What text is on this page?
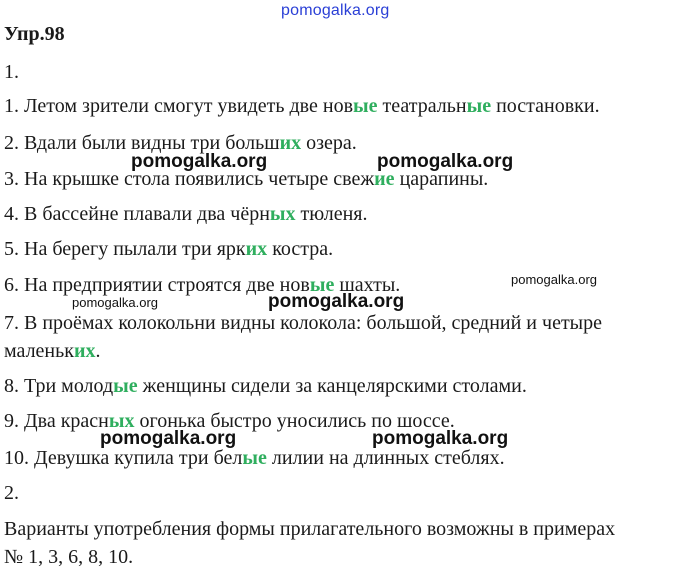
pomogalka.org
pomogalka.org	pomogalka.org
pomogalka.org
pomogalka.org	pomogalka.org
pomogalka.org	pomogalka.org
Упр.98
1.
1. Летом зрители смогут увидеть две новые театральные постановки.
2. Вдали были видны три больших озера.
3. На крышке стола появились четыре свежие царапины.
4. В бассейне плавали два чёрных тюленя.
5. На берегу пылали три ярких костра.
6. На предприятии строятся две новые шахты.
7. В проёмах колокольни видны колокола: большой, средний и четыре
маленьких.
8. Три молодые женщины сидели за канцелярскими столами.
9. Два красных огонька быстро уносились по шоссе.
10. Девушка купила три белые лилии на длинных стеблях.
2.
Варианты употребления формы прилагательного возможны в примерах
№ 1, 3, 6, 8, 10.
